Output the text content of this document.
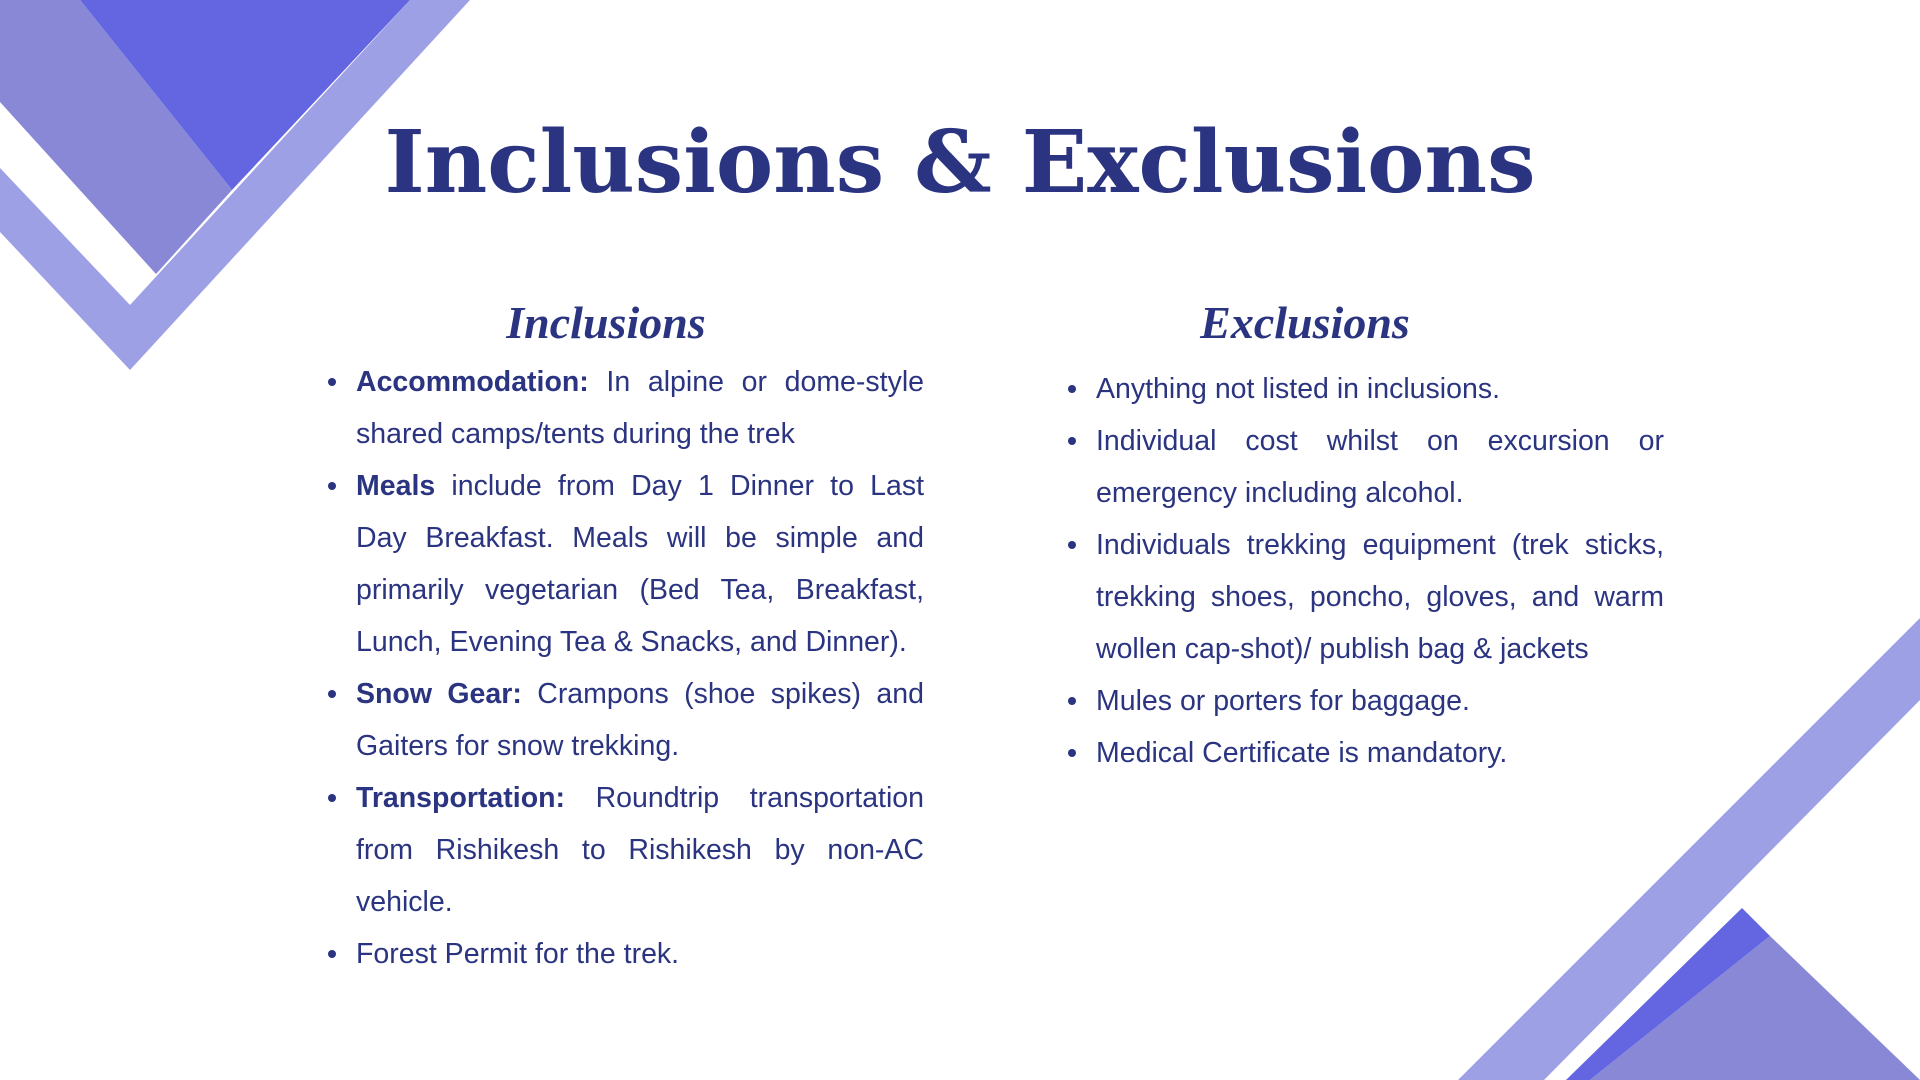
Inclusions & Exclusions
Inclusions	Exclusions
Accommodation: In alpine or dome-style shared camps/tents during the trek
Meals include from Day 1 Dinner to Last Day Breakfast. Meals will be simple and primarily vegetarian (Bed Tea, Breakfast, Lunch, Evening Tea & Snacks, and Dinner).
Snow Gear: Crampons (shoe spikes) and Gaiters for snow trekking.
Transportation: Roundtrip transportation from Rishikesh to Rishikesh by non-AC vehicle.
Forest Permit for the trek.
Anything not listed in inclusions.
Individual cost whilst on excursion or emergency including alcohol.
Individuals trekking equipment (trek sticks, trekking shoes, poncho, gloves, and warm wollen cap-shot)/ publish bag & jackets
Mules or porters for baggage.
Medical Certificate is mandatory.
